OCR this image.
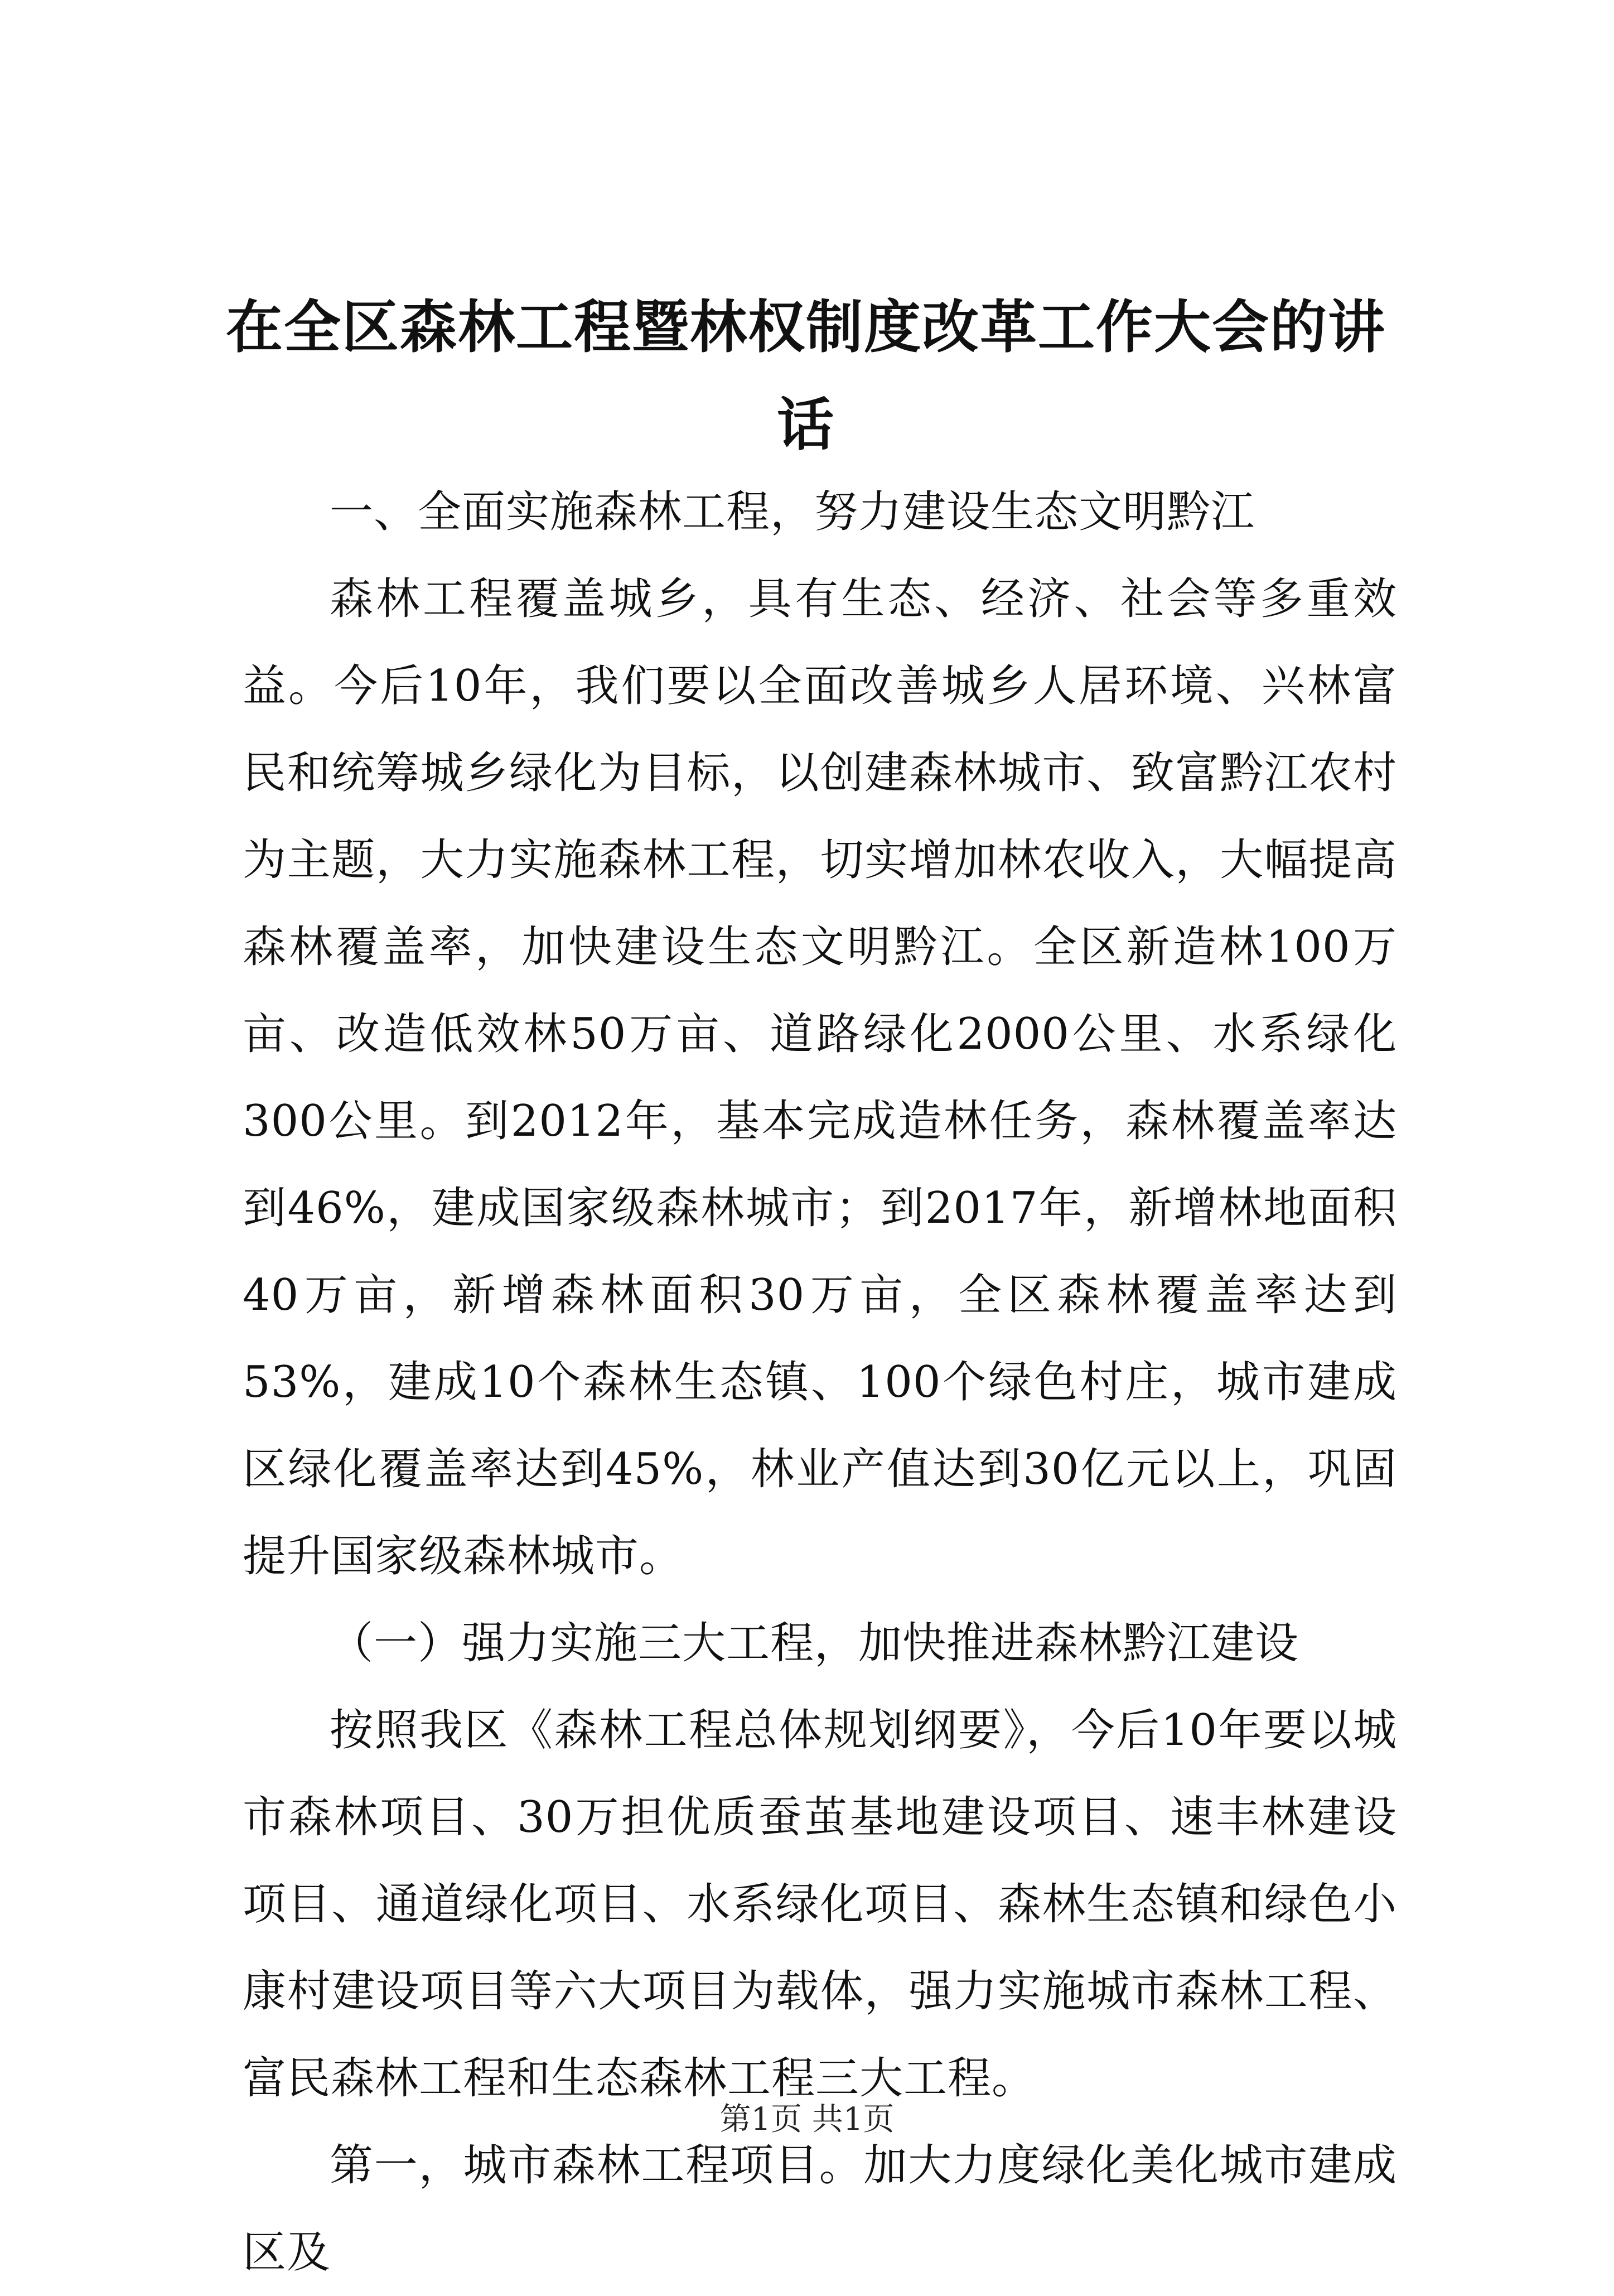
在全区森林工程暨林权制度改革工作大会的讲话

一、全面实施森林工程，努力建设生态文明黔江

森林工程覆盖城乡，具有生态、经济、社会等多重效益。今后10年，我们要以全面改善城乡人居环境、兴林富民和统筹城乡绿化为目标，以创建森林城市、致富黔江农村为主题，大力实施森林工程，切实增加林农收入，大幅提高森林覆盖率，加快建设生态文明黔江。全区新造林100万亩、改造低效林50万亩、道路绿化2000公里、水系绿化300公里。到2012年，基本完成造林任务，森林覆盖率达到46%，建成国家级森林城市；到2017年，新增林地面积40万亩，新增森林面积30万亩，全区森林覆盖率达到53%，建成10个森林生态镇、100个绿色村庄，城市建成区绿化覆盖率达到45%，林业产值达到30亿元以上，巩固提升国家级森林城市。

（一）强力实施三大工程，加快推进森林黔江建设

按照我区《森林工程总体规划纲要》，今后10年要以城市森林项目、30万担优质蚕茧基地建设项目、速丰林建设项目、通道绿化项目、水系绿化项目、森林生态镇和绿色小康村建设项目等六大项目为载体，强力实施城市森林工程、富民森林工程和生态森林工程三大工程。

第一，城市森林工程项目。加大力度绿化美化城市建成区及

第1页 共1页
